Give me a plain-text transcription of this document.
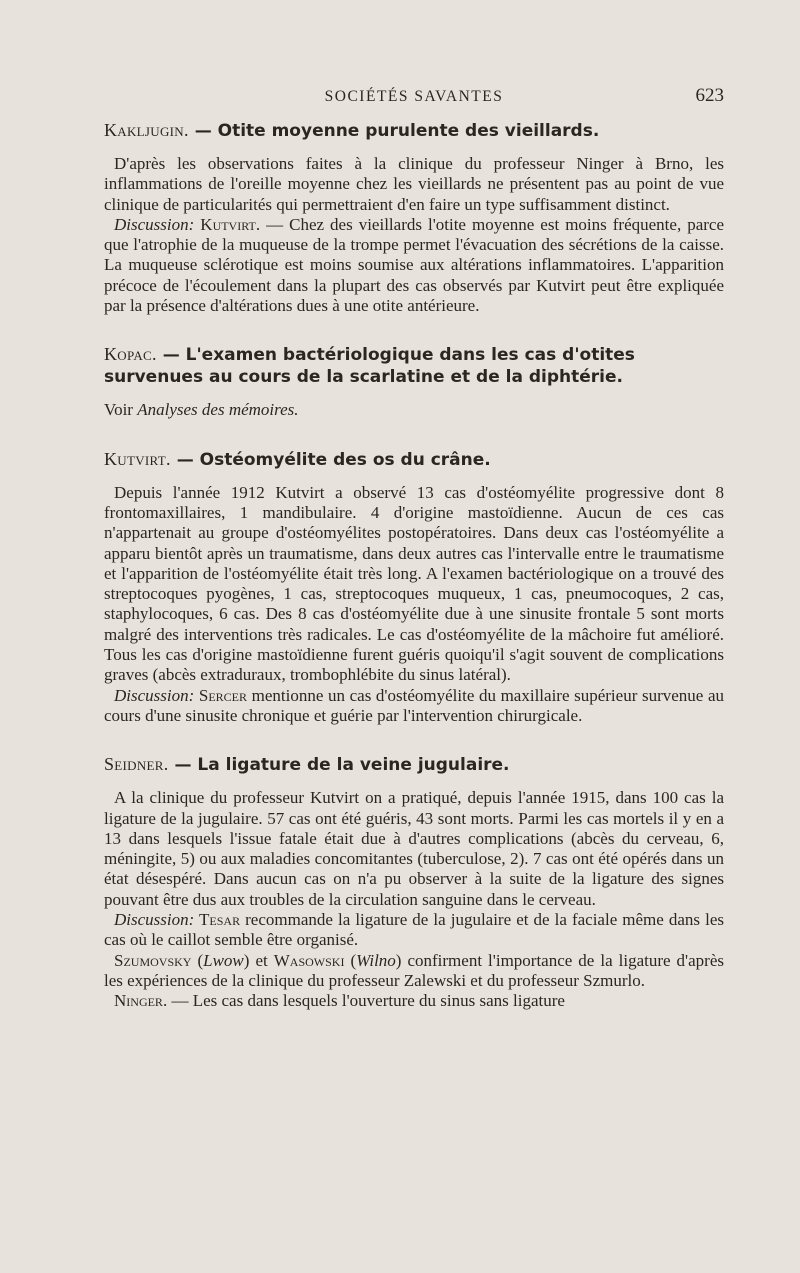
SOCIÉTÉS SAVANTES	623

Kakljugin. — Otite moyenne purulente des vieillards.

D'après les observations faites à la clinique du professeur Ninger à Brno, les inflammations de l'oreille moyenne chez les vieillards ne présentent pas au point de vue clinique de particularités qui permettraient d'en faire un type suffisamment distinct.

Discussion: Kutvirt. — Chez des vieillards l'otite moyenne est moins fréquente, parce que l'atrophie de la muqueuse de la trompe permet l'évacuation des sécrétions de la caisse. La muqueuse sclérotique est moins soumise aux altérations inflammatoires. L'apparition précoce de l'écoulement dans la plupart des cas observés par Kutvirt peut être expliquée par la présence d'altérations dues à une otite antérieure.

Kopac. — L'examen bactériologique dans les cas d'otites survenues au cours de la scarlatine et de la diphtérie.

Voir Analyses des mémoires.

Kutvirt. — Ostéomyélite des os du crâne.

Depuis l'année 1912 Kutvirt a observé 13 cas d'ostéomyélite progressive dont 8 frontomaxillaires, 1 mandibulaire. 4 d'origine mastoïdienne. Aucun de ces cas n'appartenait au groupe d'ostéomyélites postopératoires. Dans deux cas l'ostéomyélite a apparu bientôt après un traumatisme, dans deux autres cas l'intervalle entre le traumatisme et l'apparition de l'ostéomyélite était très long. A l'examen bactériologique on a trouvé des streptocoques pyogènes, 1 cas, streptocoques muqueux, 1 cas, pneumocoques, 2 cas, staphylocoques, 6 cas. Des 8 cas d'ostéomyélite due à une sinusite frontale 5 sont morts malgré des interventions très radicales. Le cas d'ostéomyélite de la mâchoire fut amélioré. Tous les cas d'origine mastoïdienne furent guéris quoiqu'il s'agit souvent de complications graves (abcès extraduraux, trombophlébite du sinus latéral).

Discussion: Sercer mentionne un cas d'ostéomyélite du maxillaire supérieur survenue au cours d'une sinusite chronique et guérie par l'intervention chirurgicale.

Seidner. — La ligature de la veine jugulaire.

A la clinique du professeur Kutvirt on a pratiqué, depuis l'année 1915, dans 100 cas la ligature de la jugulaire. 57 cas ont été guéris, 43 sont morts. Parmi les cas mortels il y en a 13 dans lesquels l'issue fatale était due à d'autres complications (abcès du cerveau, 6, méningite, 5) ou aux maladies concomitantes (tuberculose, 2). 7 cas ont été opérés dans un état désespéré. Dans aucun cas on n'a pu observer à la suite de la ligature des signes pouvant être dus aux troubles de la circulation sanguine dans le cerveau.

Discussion: Tesar recommande la ligature de la jugulaire et de la faciale même dans les cas où le caillot semble être organisé.

Szumovsky (Lwow) et Wasowski (Wilno) confirment l'importance de la ligature d'après les expériences de la clinique du professeur Zalewski et du professeur Szmurlo.

Ninger. — Les cas dans lesquels l'ouverture du sinus sans ligature
